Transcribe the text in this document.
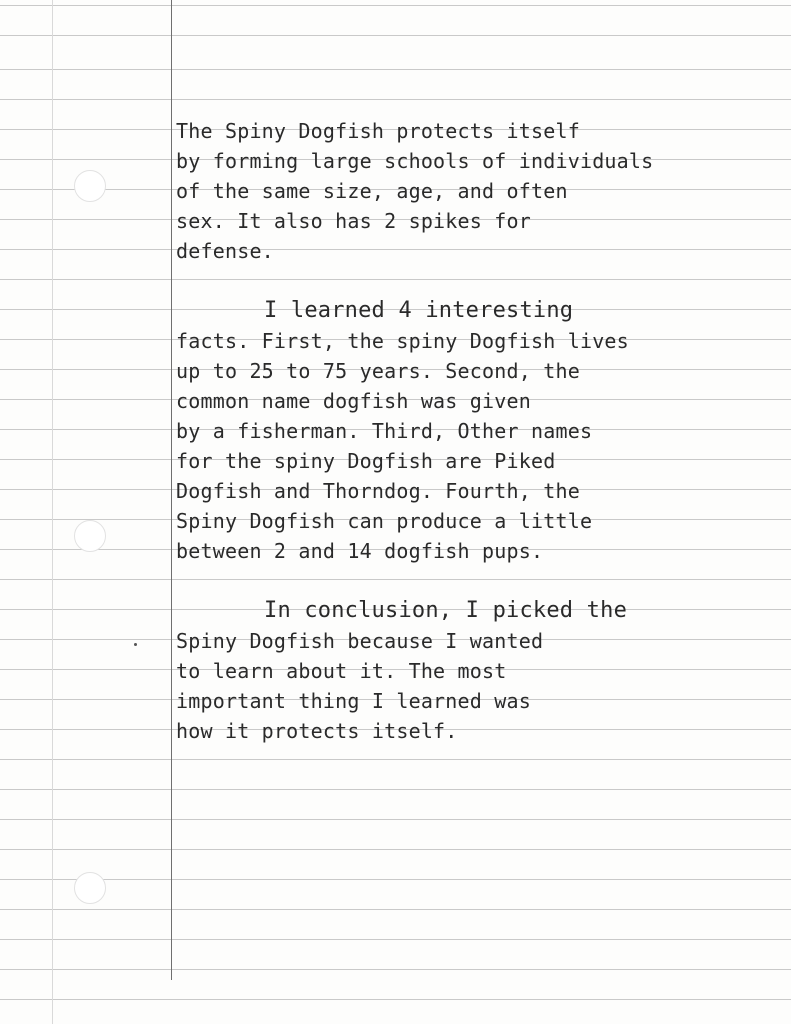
The Spiny Dogfish protects itself
by forming large schools of individuals
of the same size, age, and often
sex. It also has 2 spikes for
defense.
I learned 4 interesting
facts. First, the spiny Dogfish lives
up to 25 to 75 years. Second, the
common name dogfish was given
by a fisherman. Third, Other names
for the spiny Dogfish are Piked
Dogfish and Thorndog. Fourth, the
Spiny Dogfish can produce a little
between 2 and 14 dogfish pups.
In conclusion, I picked the
Spiny Dogfish because I wanted
to learn about it. The most
important thing I learned was
how it protects itself.
